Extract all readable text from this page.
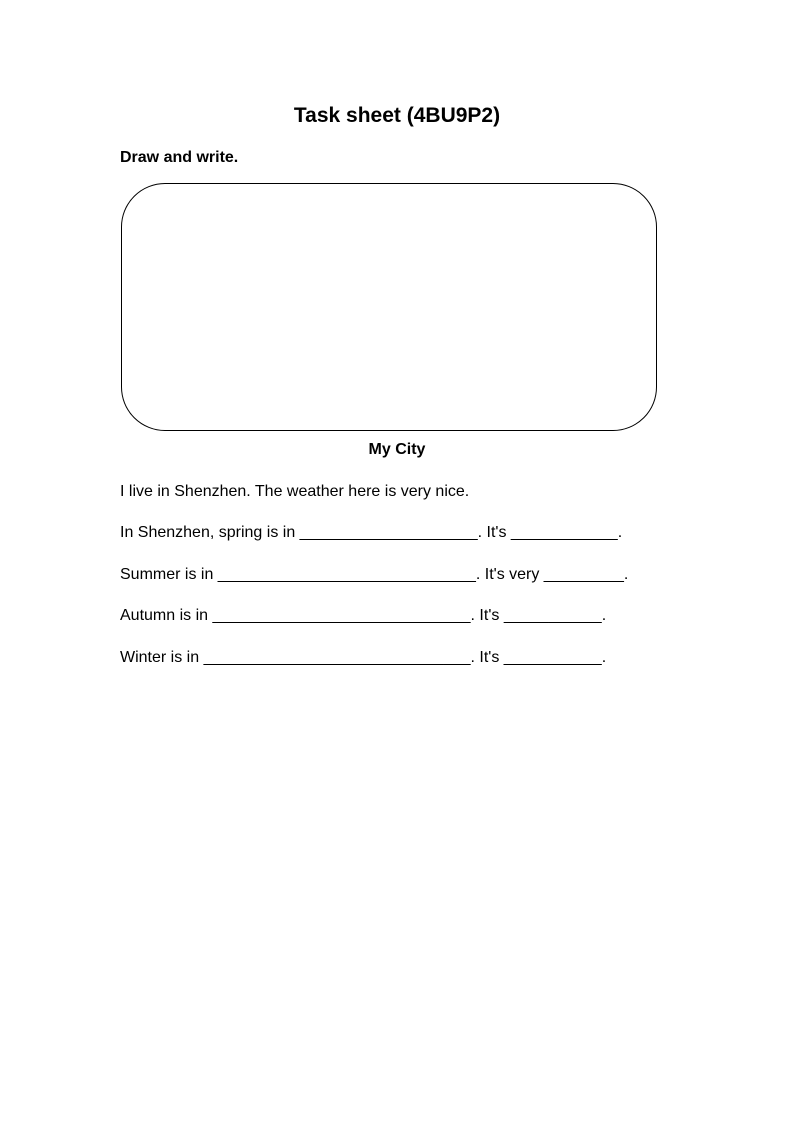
Task sheet (4BU9P2)
Draw and write.
My City
I live in Shenzhen. The weather here is very nice.
In Shenzhen, spring is in ____________________. It's ____________.
Summer is in _____________________________. It's very _________.
Autumn is in _____________________________. It's ___________.
Winter is in ______________________________. It's ___________.
